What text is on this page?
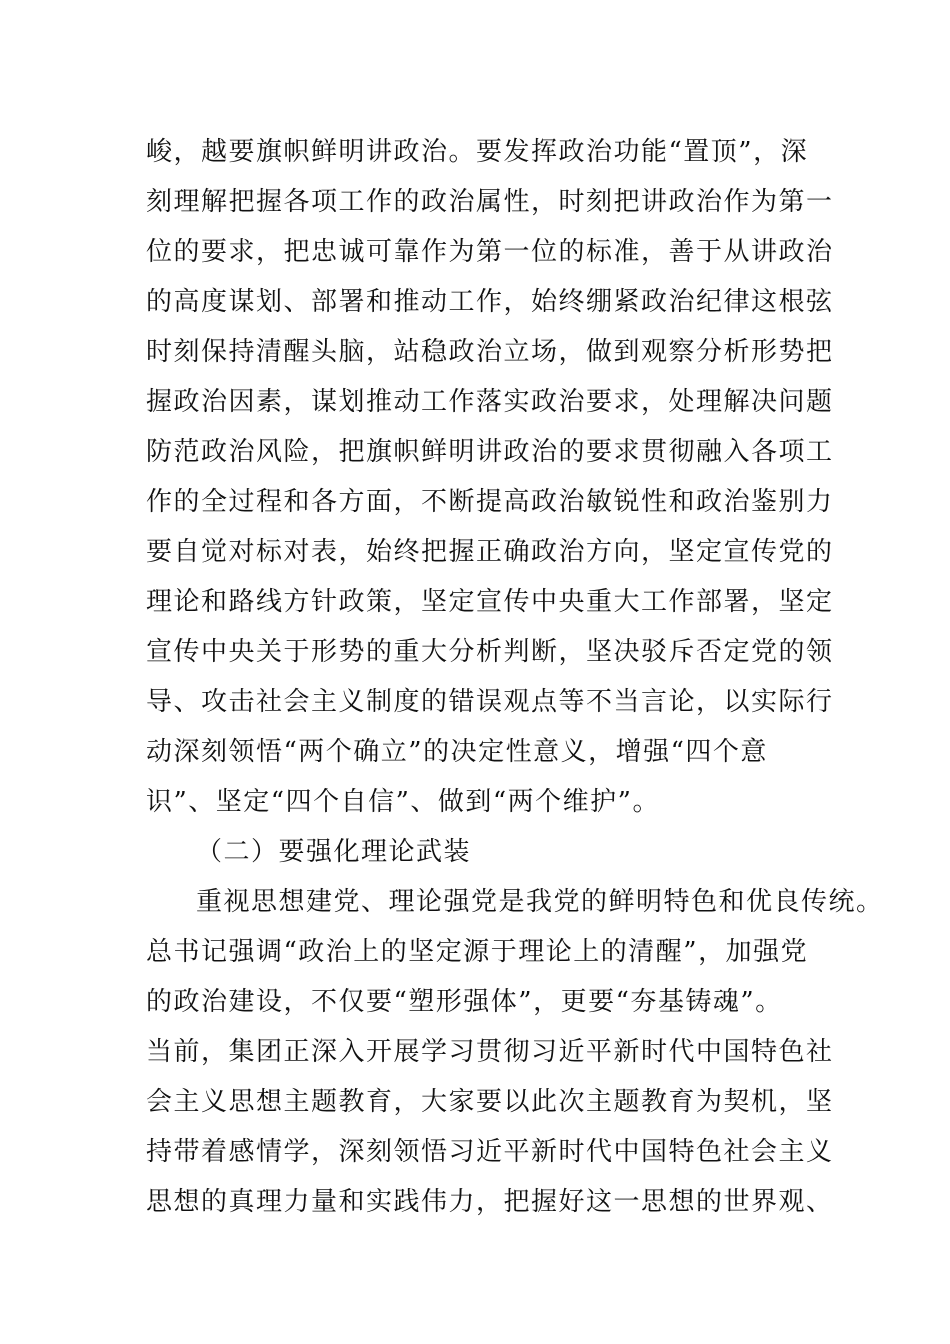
峻，越要旗帜鲜明讲政治。要发挥政治功能“置顶”，深
刻理解把握各项工作的政治属性，时刻把讲政治作为第一
位的要求，把忠诚可靠作为第一位的标准，善于从讲政治
的高度谋划、部署和推动工作，始终绷紧政治纪律这根弦
时刻保持清醒头脑，站稳政治立场，做到观察分析形势把
握政治因素，谋划推动工作落实政治要求，处理解决问题
防范政治风险，把旗帜鲜明讲政治的要求贯彻融入各项工
作的全过程和各方面，不断提高政治敏锐性和政治鉴别力
要自觉对标对表，始终把握正确政治方向，坚定宣传党的
理论和路线方针政策，坚定宣传中央重大工作部署，坚定
宣传中央关于形势的重大分析判断，坚决驳斥否定党的领
导、攻击社会主义制度的错误观点等不当言论，以实际行
动深刻领悟“两个确立”的决定性意义，增强“四个意
识”、坚定“四个自信”、做到“两个维护”。
（二）要强化理论武装
重视思想建党、理论强党是我党的鲜明特色和优良传统。
总书记强调“政治上的坚定源于理论上的清醒”，加强党
的政治建设，不仅要“塑形强体”，更要“夯基铸魂”。
当前，集团正深入开展学习贯彻习近平新时代中国特色社
会主义思想主题教育，大家要以此次主题教育为契机，坚
持带着感情学，深刻领悟习近平新时代中国特色社会主义
思想的真理力量和实践伟力，把握好这一思想的世界观、
